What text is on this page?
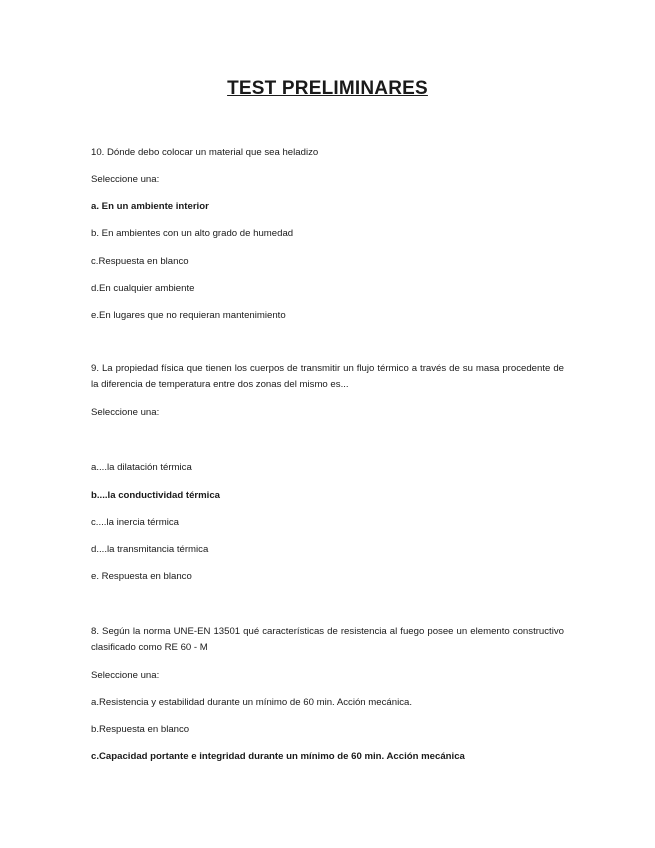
TEST PRELIMINARES
10. Dónde debo colocar un material que sea heladizo
Seleccione una:
a. En un ambiente interior
b. En ambientes con un alto grado de humedad
c.Respuesta en blanco
d.En cualquier ambiente
e.En lugares que no requieran mantenimiento
9. La propiedad física que tienen los cuerpos de transmitir un flujo térmico a través de su masa procedente de la diferencia de temperatura entre dos zonas del mismo es...
Seleccione una:
a....la dilatación térmica
b....la conductividad térmica
c....la inercia térmica
d....la transmitancia térmica
e. Respuesta en blanco
8. Según la norma UNE-EN 13501 qué características de resistencia al fuego posee un elemento constructivo clasificado como RE 60 - M
Seleccione una:
a.Resistencia y estabilidad durante un mínimo de 60 min. Acción mecánica.
b.Respuesta en blanco
c.Capacidad portante e integridad durante un mínimo de 60 min. Acción mecánica
